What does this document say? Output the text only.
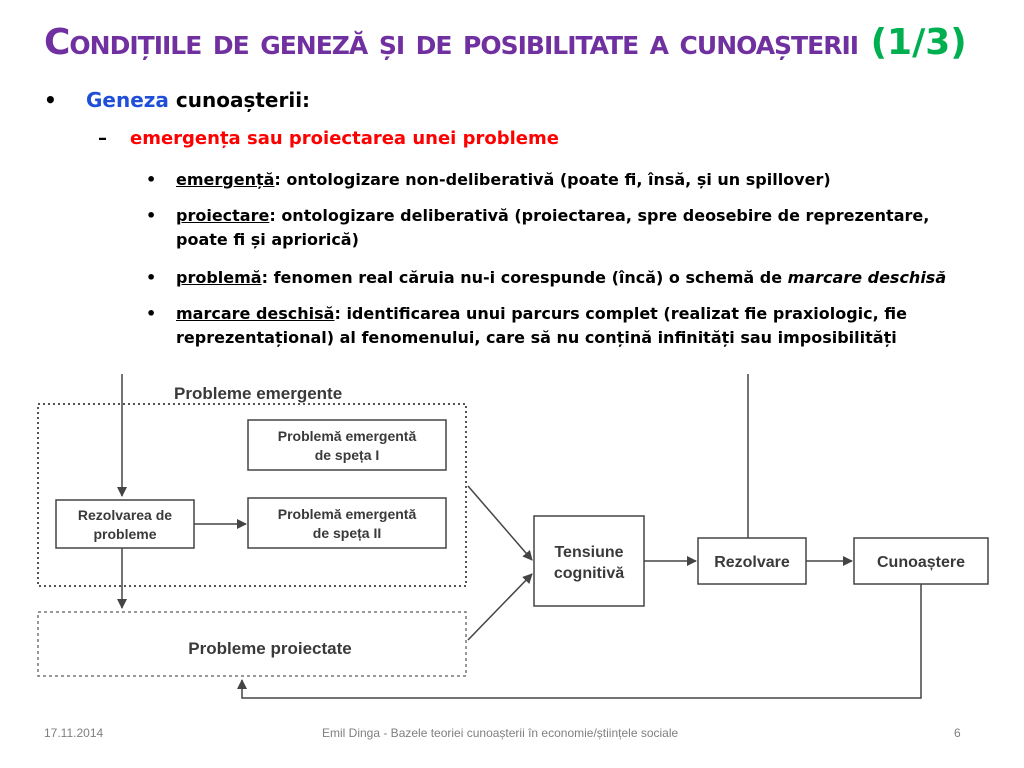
Condițiile de geneză și de posibilitate a cunoașterii (1/3)
• Geneza cunoașterii:
– emergența sau proiectarea unei probleme
• emergență: ontologizare non-deliberativă (poate fi, însă, și un spillover)
• proiectare: ontologizare deliberativă (proiectarea, spre deosebire de reprezentare, poate fi și apriorică)
• problemă: fenomen real căruia nu-i corespunde (încă) o schemă de marcare deschisă
• marcare deschisă: identificarea unui parcurs complet (realizat fie praxiologic, fie reprezentațional) al fenomenului, care să nu conțină infinități sau imposibilități
Probleme emergente
Problemă emergentă
de speța I
Rezolvarea de
probleme
Problemă emergentă
de speța II
Probleme proiectate
Tensiune
cognitivă
Rezolvare	Cunoaștere
17.11.2014	Emil Dinga - Bazele teoriei cunoașterii în economie/științele sociale	6
